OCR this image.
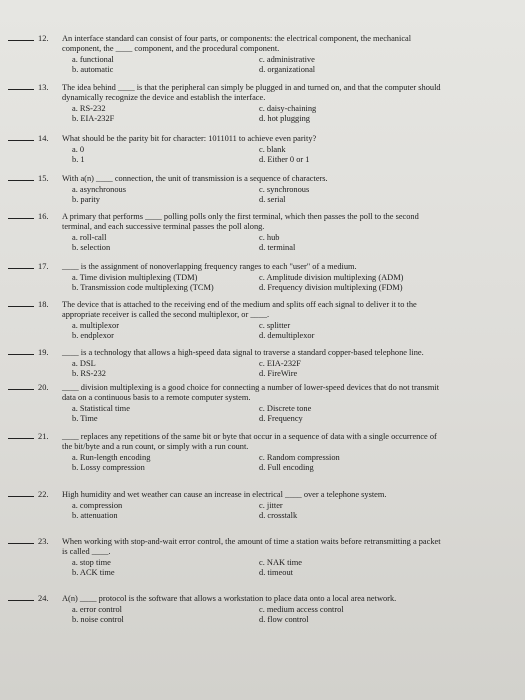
12. An interface standard can consist of four parts, or components: the electrical component, the mechanical
component, the ____ component, and the procedural component.
a. functional	c. administrative
b. automatic	d. organizational
13. The idea behind ____ is that the peripheral can simply be plugged in and turned on, and that the computer should
dynamically recognize the device and establish the interface.
a. RS-232	c. daisy-chaining
b. EIA-232F	d. hot plugging
14. What should be the parity bit for character: 1011011 to achieve even parity?
a. 0	c. blank
b. 1	d. Either 0 or 1
15. With a(n) ____ connection, the unit of transmission is a sequence of characters.
a. asynchronous	c. synchronous
b. parity	d. serial
16. A primary that performs ____ polling polls only the first terminal, which then passes the poll to the second
terminal, and each successive terminal passes the poll along.
a. roll-call	c. hub
b. selection	d. terminal
17. ____ is the assignment of nonoverlapping frequency ranges to each "user" of a medium.
a. Time division multiplexing (TDM)	c. Amplitude division multiplexing (ADM)
b. Transmission code multiplexing (TCM)	d. Frequency division multiplexing (FDM)
18. The device that is attached to the receiving end of the medium and splits off each signal to deliver it to the
appropriate receiver is called the second multiplexor, or ____.
a. multiplexor	c. splitter
b. endplexor	d. demultiplexor
19. ____ is a technology that allows a high-speed data signal to traverse a standard copper-based telephone line.
a. DSL	c. EIA-232F
b. RS-232	d. FireWire
20. ____ division multiplexing is a good choice for connecting a number of lower-speed devices that do not transmit
data on a continuous basis to a remote computer system.
a. Statistical time	c. Discrete tone
b. Time	d. Frequency
21. ____ replaces any repetitions of the same bit or byte that occur in a sequence of data with a single occurrence of
the bit/byte and a run count, or simply with a run count.
a. Run-length encoding	c. Random compression
b. Lossy compression	d. Full encoding
22. High humidity and wet weather can cause an increase in electrical ____ over a telephone system.
a. compression	c. jitter
b. attenuation	d. crosstalk
23. When working with stop-and-wait error control, the amount of time a station waits before retransmitting a packet
is called ____.
a. stop time	c. NAK time
b. ACK time	d. timeout
24. A(n) ____ protocol is the software that allows a workstation to place data onto a local area network.
a. error control	c. medium access control
b. noise control	d. flow control
